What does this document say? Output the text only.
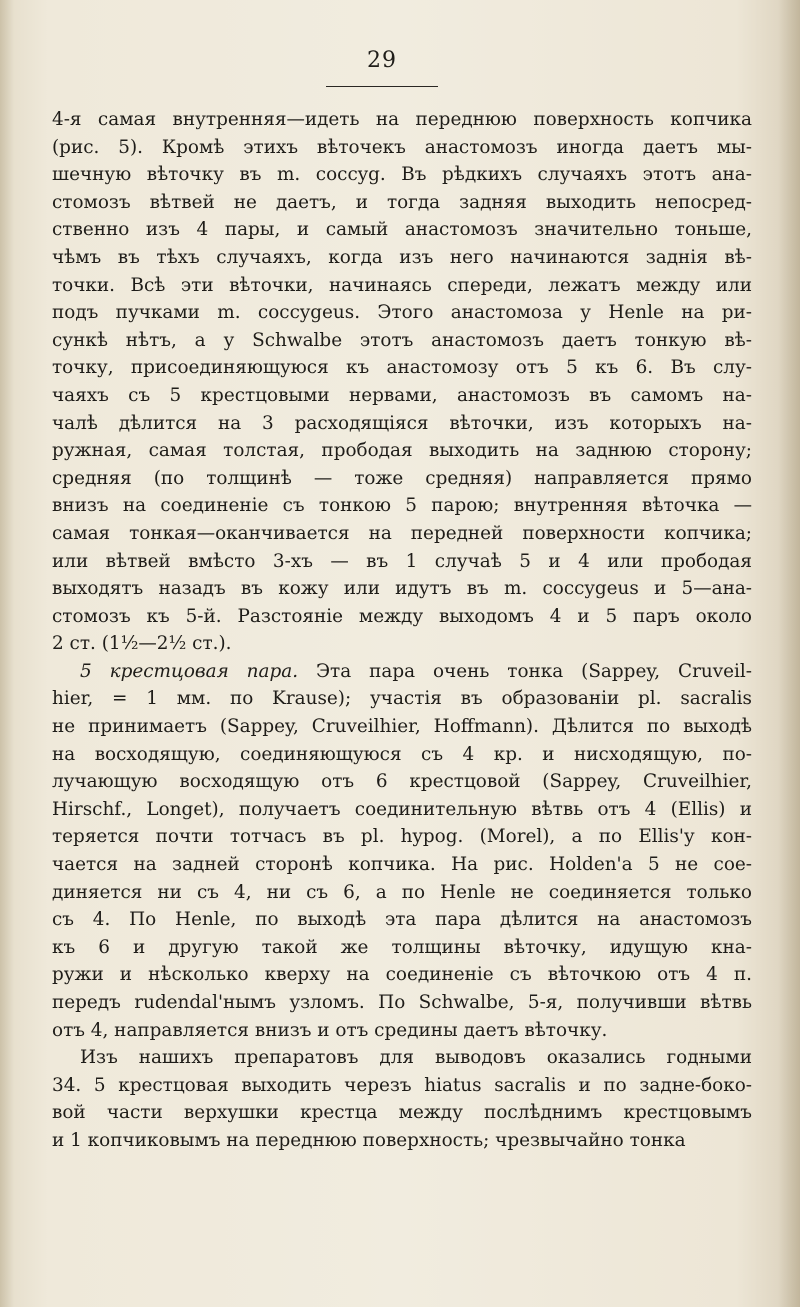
29
4-я самая внутренняя—идеть на переднюю поверхность копчика
(рис. 5). Кромѣ этихъ вѣточекъ анастомозъ иногда даетъ мы-
шечную вѣточку въ m. coccyg. Въ рѣдкихъ случаяхъ этотъ ана-
стомозъ вѣтвей не даетъ, и тогда задняя выходить непосред-
ственно изъ 4 пары, и самый анастомозъ значительно тоньше,
чѣмъ въ тѣхъ случаяхъ, когда изъ него начинаются заднія вѣ-
точки. Всѣ эти вѣточки, начинаясь спереди, лежатъ между или
подъ пучками m. coccygeus. Этого анастомоза у Henle на ри-
сункѣ нѣтъ, а у Schwalbe этотъ анастомозъ даетъ тонкую вѣ-
точку, присоединяющуюся къ анастомозу отъ 5 къ 6. Въ слу-
чаяхъ съ 5 крестцовыми нервами, анастомозъ въ самомъ на-
чалѣ дѣлится на 3 расходящіяся вѣточки, изъ которыхъ на-
ружная, самая толстая, прободая выходить на заднюю сторону;
средняя (по толщинѣ — тоже средняя) направляется прямо
внизъ на соединеніе съ тонкою 5 парою; внутренняя вѣточка —
самая тонкая—оканчивается на передней поверхности копчика;
или вѣтвей вмѣсто 3-хъ — въ 1 случаѣ 5 и 4 или прободая
выходятъ назадъ въ кожу или идутъ въ m. coccygeus и 5—ана-
стомозъ къ 5-й. Разстояніе между выходомъ 4 и 5 паръ около
2 ст. (1½—2½ ст.).
5 крестцовая пара. Эта пара очень тонка (Sappey, Cruveil-
hier, = 1 мм. по Krause); участія въ образованіи pl. sacralis
не принимаетъ (Sappey, Cruveilhier, Hoffmann). Дѣлится по выходѣ
на восходящую, соединяющуюся съ 4 кр. и нисходящую, по-
лучающую восходящую отъ 6 крестцовой (Sappey, Cruveilhier,
Hirschf., Longet), получаетъ соединительную вѣтвь отъ 4 (Ellis) и
теряется почти тотчасъ въ pl. hypog. (Morel), а по Ellis'у кон-
чается на задней сторонѣ копчика. На рис. Holden'a 5 не сое-
диняется ни съ 4, ни съ 6, а по Henle не соединяется только
съ 4. По Henle, по выходѣ эта пара дѣлится на анастомозъ
къ 6 и другую такой же толщины вѣточку, идущую кна-
ружи и нѣсколько кверху на соединеніе съ вѣточкою отъ 4 п.
передъ rudendal'нымъ узломъ. По Schwalbe, 5-я, получивши вѣтвь
отъ 4, направляется внизъ и отъ средины даетъ вѣточку.
Изъ нашихъ препаратовъ для выводовъ оказались годными
34. 5 крестцовая выходить черезъ hiatus sacralis и по задне-боко-
вой части верхушки крестца между послѣднимъ крестцовымъ
и 1 копчиковымъ на переднюю поверхность; чрезвычайно тонка
